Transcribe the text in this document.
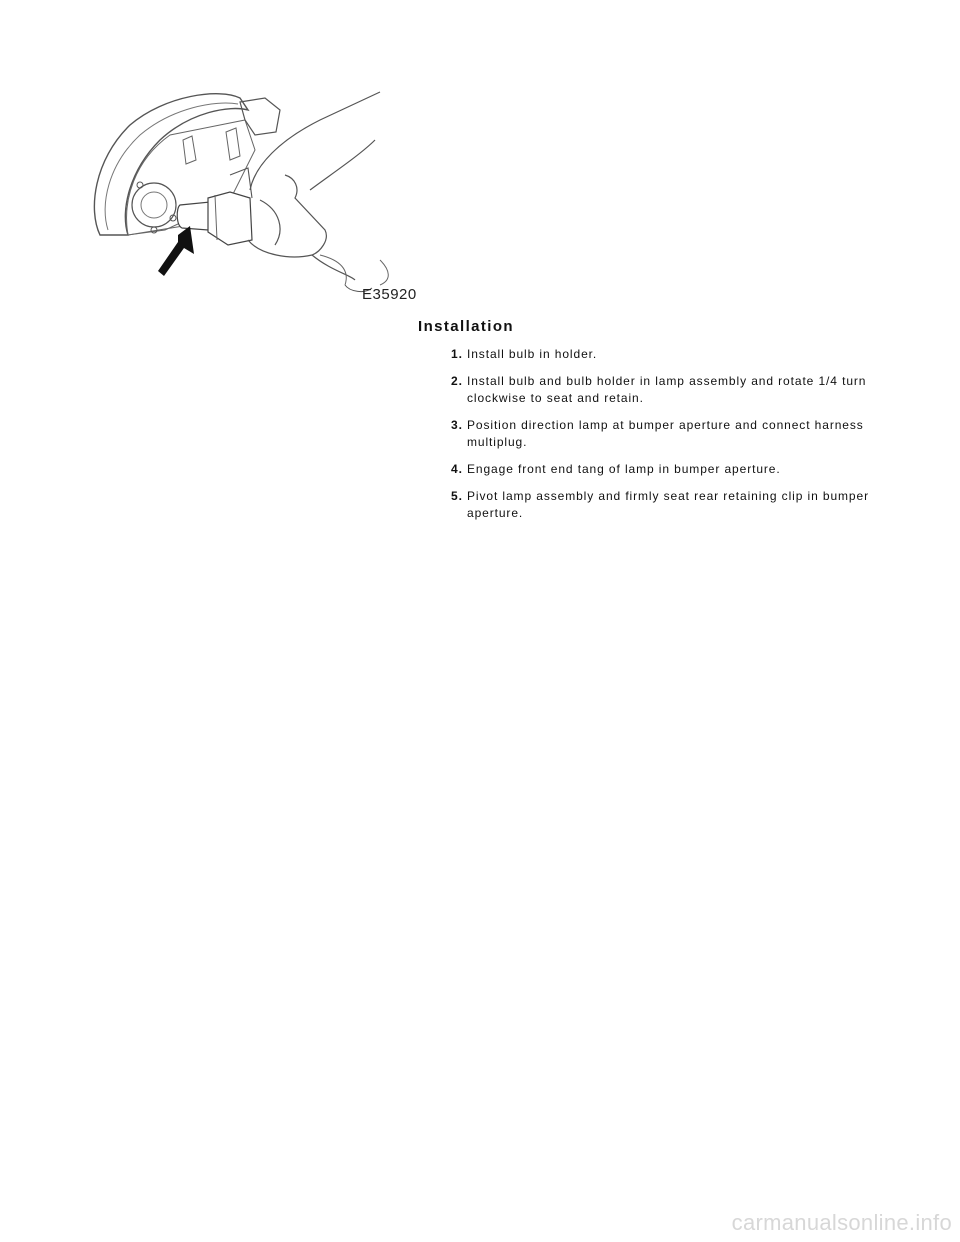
E35920
Installation
1. Install bulb in holder.
2. Install bulb and bulb holder in lamp assembly and rotate 1/4 turn clockwise to seat and retain.
3. Position direction lamp at bumper aperture and connect harness multiplug.
4. Engage front end tang of lamp in bumper aperture.
5. Pivot lamp assembly and firmly seat rear retaining clip in bumper aperture.
carmanualsonline.info
